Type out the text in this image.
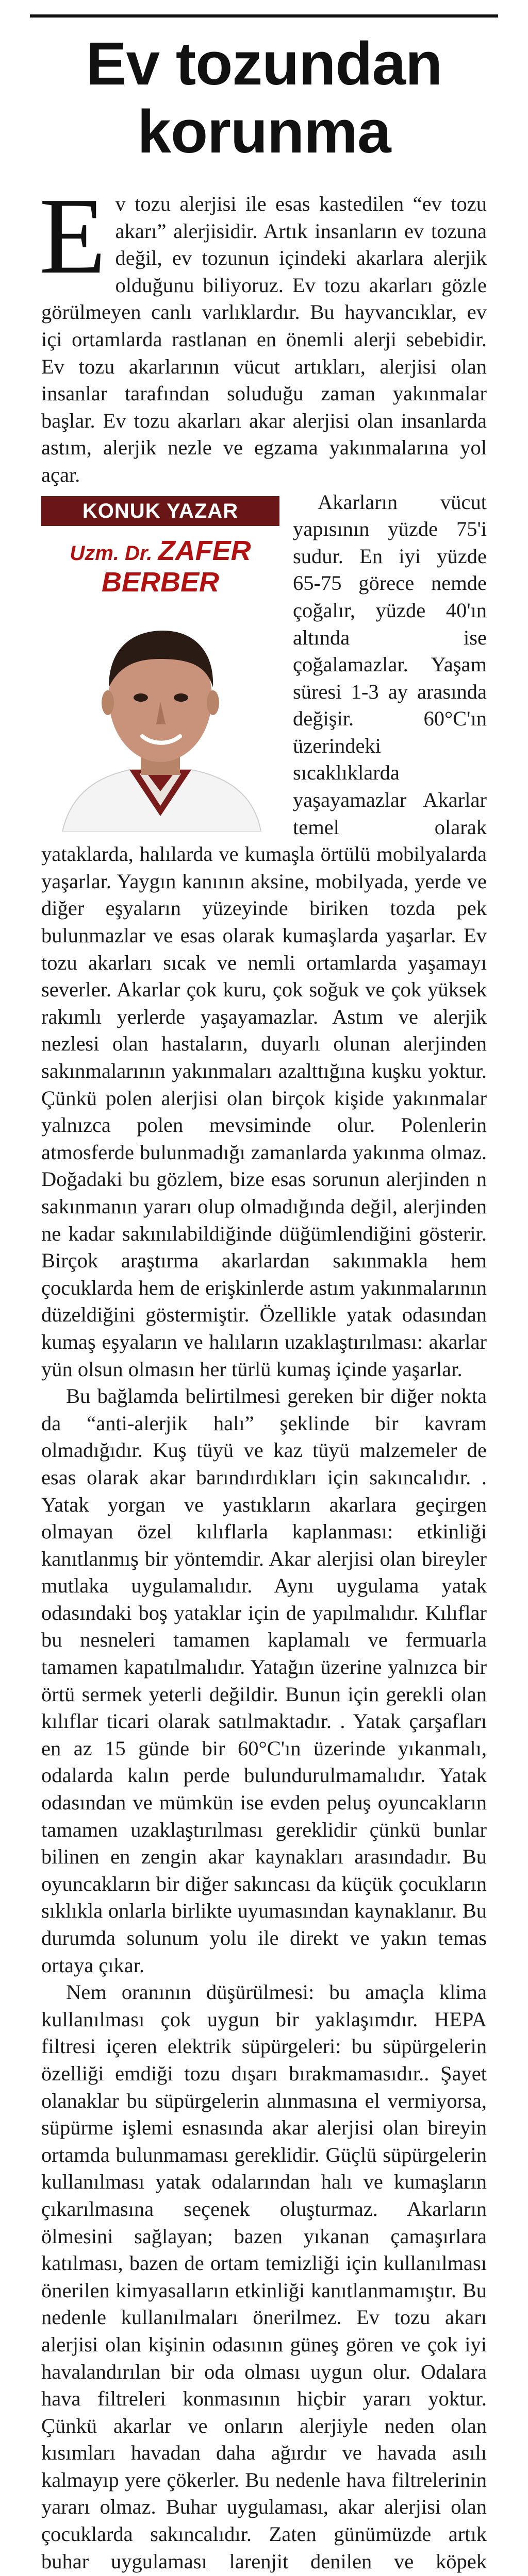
Ev tozundan
korunma
E v tozu alerjisi ile esas kastedilen “ev tozu akarı” alerjisidir. Artık insanların ev tozuna değil, ev tozunun içindeki akarlara alerjik olduğunu biliyoruz. Ev tozu akarları gözle görülmeyen canlı varlıklardır. Bu hayvancıklar, ev içi ortamlarda rastlanan en önemli alerji sebebidir. Ev tozu akarlarının vücut artıkları, alerjisi olan insanlar tarafından soluduğu zaman yakınmalar başlar. Ev tozu akarları akar alerjisi olan insanlarda astım, alerjik nezle ve egzama yakınmalarına yol açar.

KONUK YAZAR
Uzm. Dr. ZAFER
BERBER

Akarların vücut yapısının yüzde 75'i sudur. En iyi yüzde 65-75 görece nemde çoğalır, yüzde 40'ın altında ise çoğalamazlar. Yaşam süresi 1-3 ay arasında değişir. 60°C'ın üzerindeki sıcaklıklarda yaşayamazlar Akarlar temel olarak yataklarda, halılarda ve kumaşla örtülü mobilyalarda yaşarlar. Yaygın kanının aksine, mobilyada, yerde ve diğer eşyaların yüzeyinde biriken tozda pek bulunmazlar ve esas olarak kumaşlarda yaşarlar. Ev tozu akarları sıcak ve nemli ortamlarda yaşamayı severler. Akarlar çok kuru, çok soğuk ve çok yüksek rakımlı yerlerde yaşayamazlar. Astım ve alerjik nezlesi olan hastaların, duyarlı olunan alerjinden sakınmalarının yakınmaları azalttığına kuşku yoktur. Çünkü polen alerjisi olan birçok kişide yakınmalar yalnızca polen mevsiminde olur. Polenlerin atmosferde bulunmadığı zamanlarda yakınma olmaz. Doğadaki bu gözlem, bize esas sorunun alerjinden n sakınmanın yararı olup olmadığında değil, alerjinden ne kadar sakınılabildiğinde düğümlendiğini gösterir. Birçok araştırma akarlardan sakınmakla hem çocuklarda hem de erişkinlerde astım yakınmalarının düzeldiğini göstermiştir. Özellikle yatak odasından kumaş eşyaların ve halıların uzaklaştırılması: akarlar yün olsun olmasın her türlü kumaş içinde yaşarlar.

Bu bağlamda belirtilmesi gereken bir diğer nokta da “anti-alerjik halı” şeklinde bir kavram olmadığıdır. Kuş tüyü ve kaz tüyü malzemeler de esas olarak akar barındırdıkları için sakıncalıdır. . Yatak yorgan ve yastıkların akarlara geçirgen olmayan özel kılıflarla kaplanması: etkinliği kanıtlanmış bir yöntemdir. Akar alerjisi olan bireyler mutlaka uygulamalıdır. Aynı uygulama yatak odasındaki boş yataklar için de yapılmalıdır. Kılıflar bu nesneleri tamamen kaplamalı ve fermuarla tamamen kapatılmalıdır. Yatağın üzerine yalnızca bir örtü sermek yeterli değildir. Bunun için gerekli olan kılıflar ticari olarak satılmaktadır. . Yatak çarşafları en az 15 günde bir 60°C'ın üzerinde yıkanmalı, odalarda kalın perde bulundurulmamalıdır. Yatak odasından ve mümkün ise evden peluş oyuncakların tamamen uzaklaştırılması gereklidir çünkü bunlar bilinen en zengin akar kaynakları arasındadır. Bu oyuncakların bir diğer sakıncası da küçük çocukların sıklıkla onlarla birlikte uyumasından kaynaklanır. Bu durumda solunum yolu ile direkt ve yakın temas ortaya çıkar.

Nem oranının düşürülmesi: bu amaçla klima kullanılması çok uygun bir yaklaşımdır. HEPA filtresi içeren elektrik süpürgeleri: bu süpürgelerin özelliği emdiği tozu dışarı bırakmamasıdır.. Şayet olanaklar bu süpürgelerin alınmasına el vermiyorsa, süpürme işlemi esnasında akar alerjisi olan bireyin ortamda bulunmaması gereklidir. Güçlü süpürgelerin kullanılması yatak odalarından halı ve kumaşların çıkarılmasına seçenek oluşturmaz. Akarların ölmesini sağlayan; bazen yıkanan çamaşırlara katılması, bazen de ortam temizliği için kullanılması önerilen kimyasalların etkinliği kanıtlanmamıştır. Bu nedenle kullanılmaları önerilmez. Ev tozu akarı alerjisi olan kişinin odasının güneş gören ve çok iyi havalandırılan bir oda olması uygun olur. Odalara hava filtreleri konmasının hiçbir yararı yoktur. Çünkü akarlar ve onların alerjiyle neden olan kısımları havadan daha ağırdır ve havada asılı kalmayıp yere çökerler. Bu nedenle hava filtrelerinin yararı olmaz. Buhar uygulaması, akar alerjisi olan çocuklarda sakıncalıdır. Zaten günümüzde artık buhar uygulaması larenjit denilen ve köpek
